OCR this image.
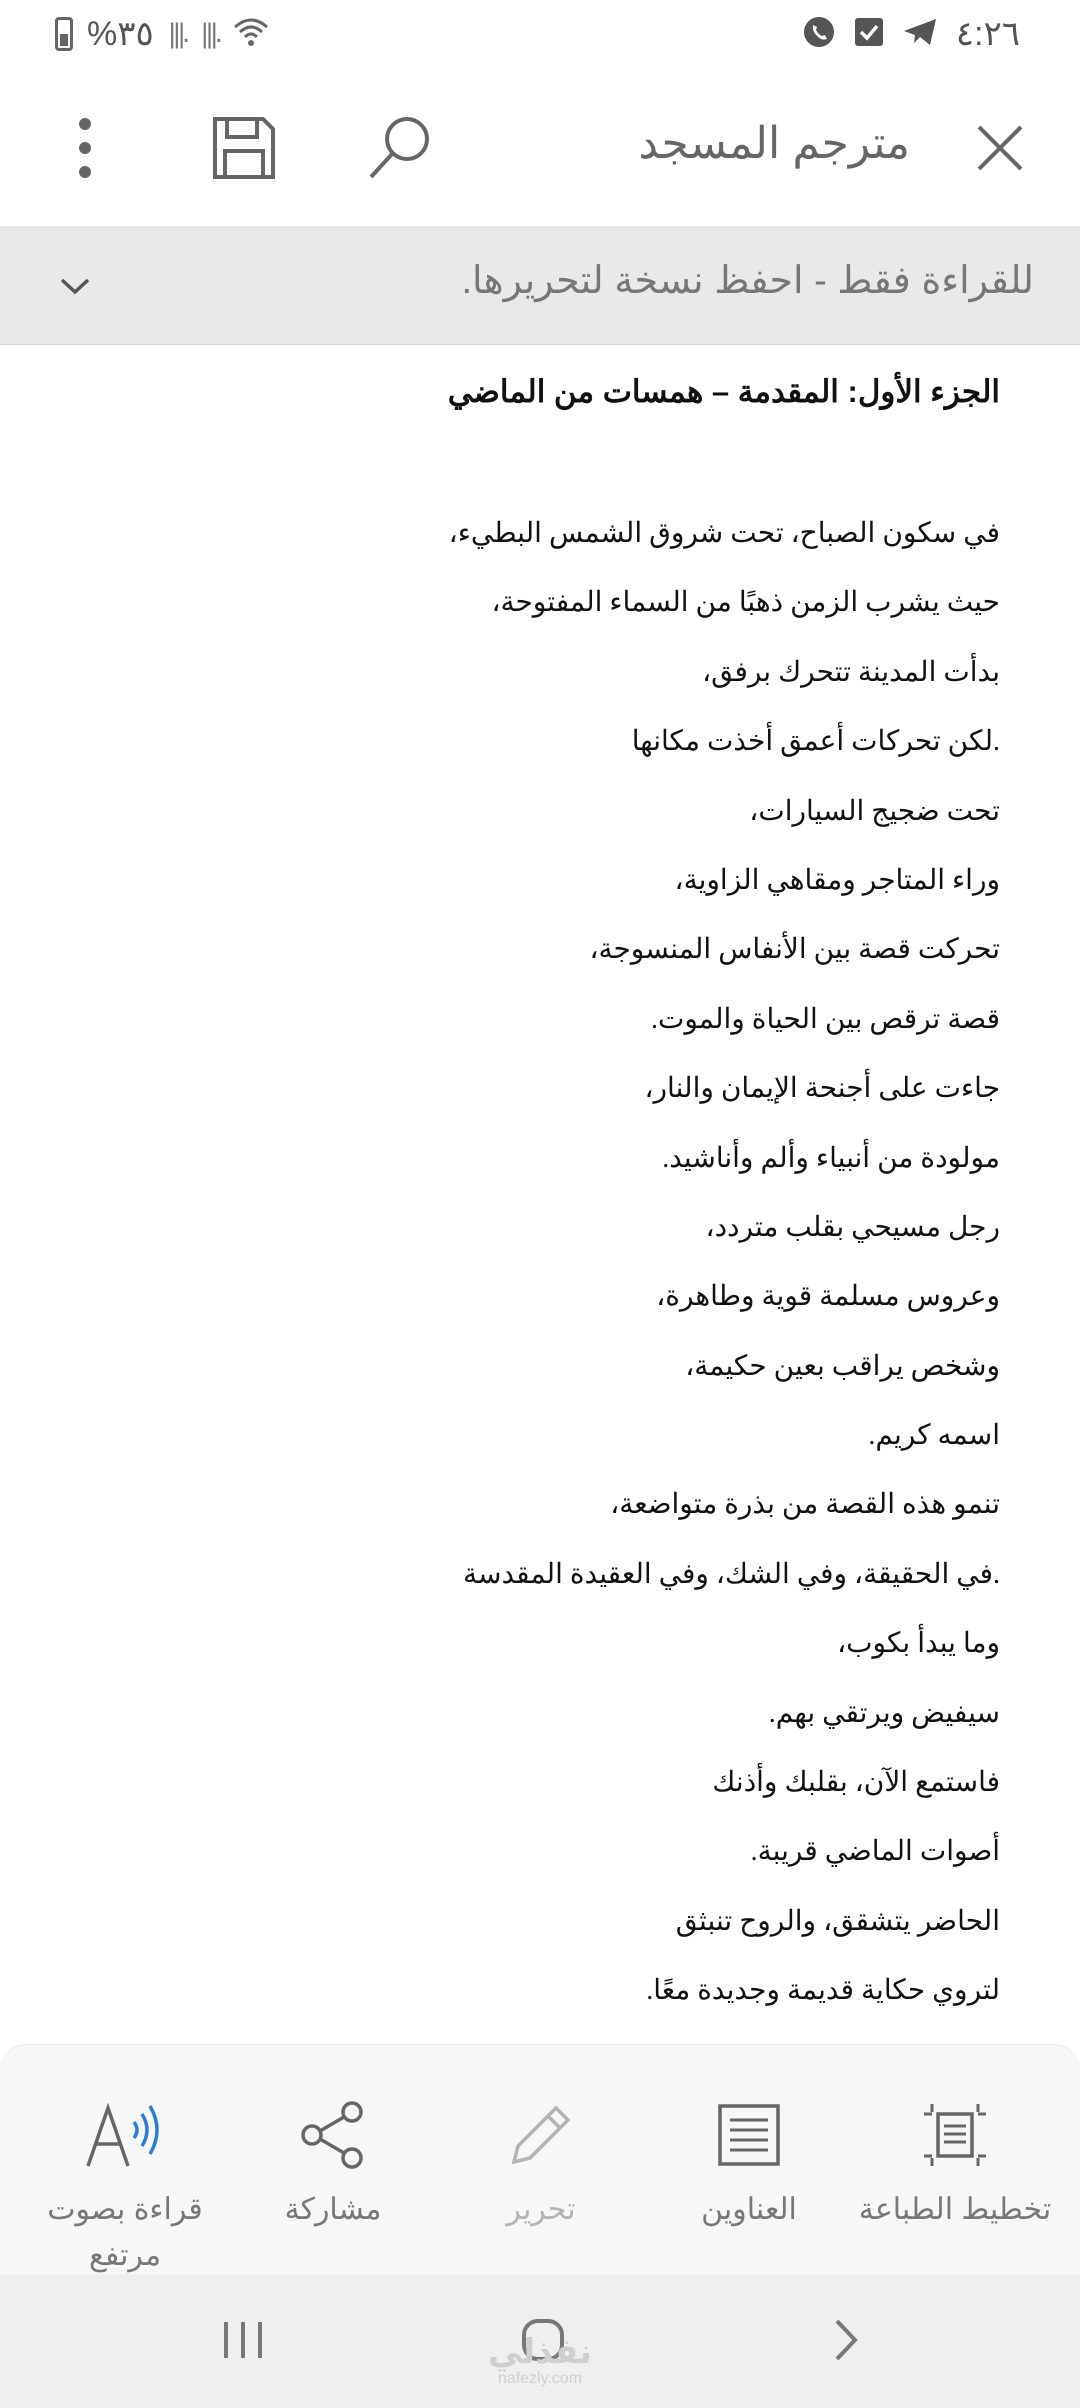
%٣٥ |||. |||.	٤:٢٦
مترجم المسجد
للقراءة فقط - احفظ نسخة لتحريرها.
الجزء الأول: المقدمة – همسات من الماضي
في سكون الصباح، تحت شروق الشمس البطيء،
حيث يشرب الزمن ذهبًا من السماء المفتوحة،
بدأت المدينة تتحرك برفق،
.لكن تحركات أعمق أخذت مكانها
تحت ضجيج السيارات،
وراء المتاجر ومقاهي الزاوية،
تحركت قصة بين الأنفاس المنسوجة،
قصة ترقص بين الحياة والموت.
جاءت على أجنحة الإيمان والنار،
مولودة من أنبياء وألم وأناشيد.
رجل مسيحي بقلب متردد،
وعروس مسلمة قوية وطاهرة،
وشخص يراقب بعين حكيمة،
اسمه كريم.
تنمو هذه القصة من بذرة متواضعة،
.في الحقيقة، وفي الشك، وفي العقيدة المقدسة
وما يبدأ بكوب،
سيفيض ويرتقي بهم.
فاستمع الآن، بقلبك وأذنك
أصوات الماضي قريبة.
الحاضر يتشقق، والروح تنبثق
لتروي حكاية قديمة وجديدة معًا.
قراءة بصوت مرتفع
مشاركة	تحرير	العناوين	تخطيط الطباعة
نفذلي
nafezly.com
